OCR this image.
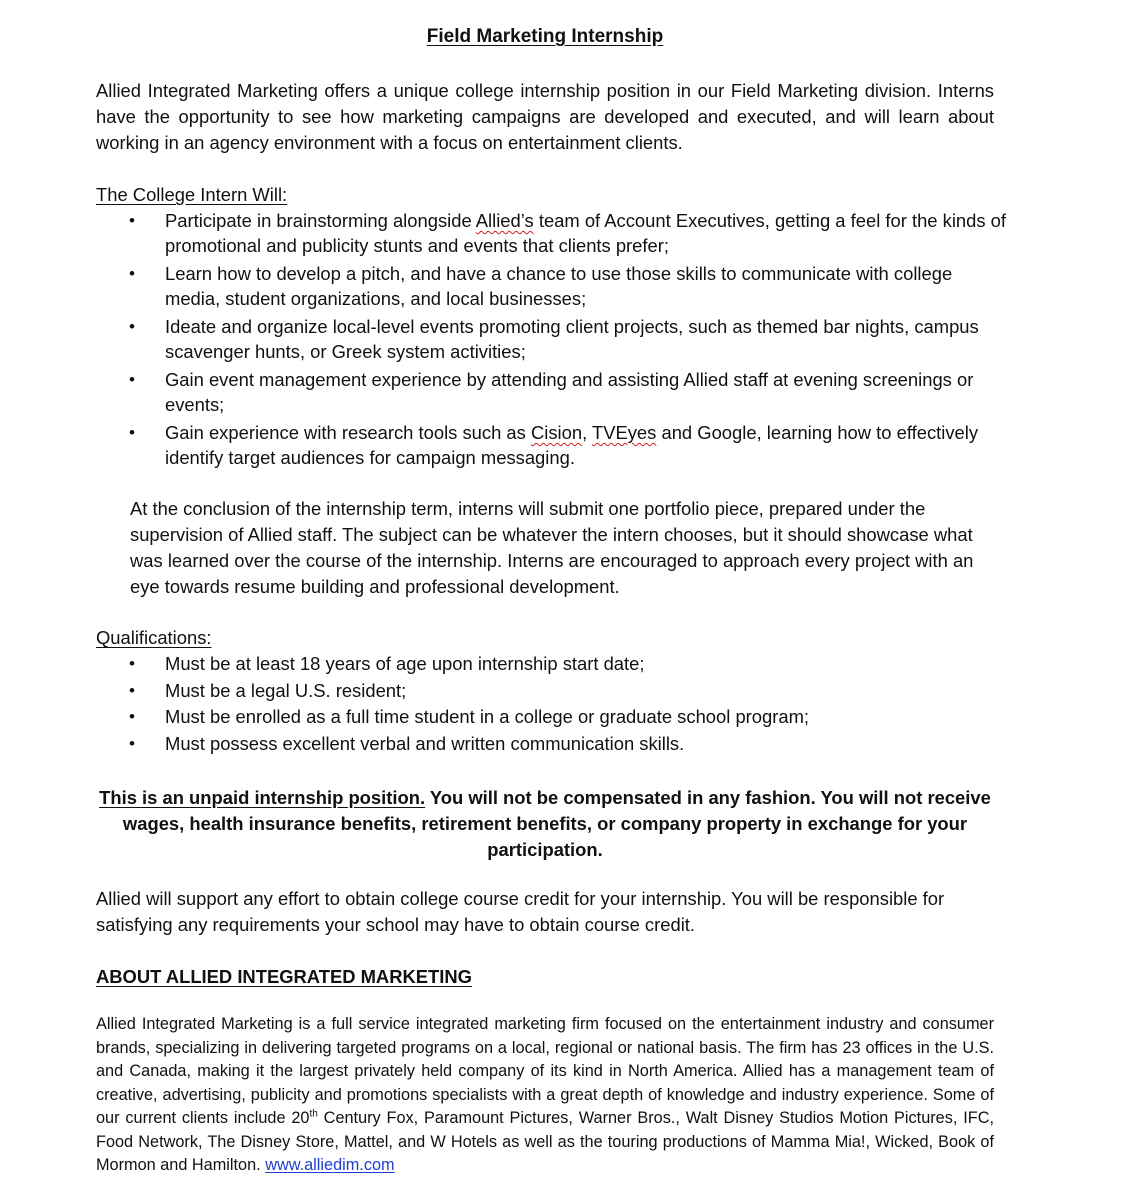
Field Marketing Internship

Allied Integrated Marketing offers a unique college internship position in our Field Marketing division. Interns have the opportunity to see how marketing campaigns are developed and executed, and will learn about working in an agency environment with a focus on entertainment clients.

The College Intern Will:

• Participate in brainstorming alongside Allied’s team of Account Executives, getting a feel for the kinds of promotional and publicity stunts and events that clients prefer;
• Learn how to develop a pitch, and have a chance to use those skills to communicate with college media, student organizations, and local businesses;
• Ideate and organize local-level events promoting client projects, such as themed bar nights, campus scavenger hunts, or Greek system activities;
• Gain event management experience by attending and assisting Allied staff at evening screenings or events;
• Gain experience with research tools such as Cision, TVEyes and Google, learning how to effectively identify target audiences for campaign messaging.

At the conclusion of the internship term, interns will submit one portfolio piece, prepared under the supervision of Allied staff. The subject can be whatever the intern chooses, but it should showcase what was learned over the course of the internship. Interns are encouraged to approach every project with an eye towards resume building and professional development.

Qualifications:

• Must be at least 18 years of age upon internship start date;
• Must be a legal U.S. resident;
• Must be enrolled as a full time student in a college or graduate school program;
• Must possess excellent verbal and written communication skills.

This is an unpaid internship position. You will not be compensated in any fashion. You will not receive wages, health insurance benefits, retirement benefits, or company property in exchange for your participation.

Allied will support any effort to obtain college course credit for your internship. You will be responsible for satisfying any requirements your school may have to obtain course credit.

ABOUT ALLIED INTEGRATED MARKETING

Allied Integrated Marketing is a full service integrated marketing firm focused on the entertainment industry and consumer brands, specializing in delivering targeted programs on a local, regional or national basis. The firm has 23 offices in the U.S. and Canada, making it the largest privately held company of its kind in North America. Allied has a management team of creative, advertising, publicity and promotions specialists with a great depth of knowledge and industry experience. Some of our current clients include 20th Century Fox, Paramount Pictures, Warner Bros., Walt Disney Studios Motion Pictures, IFC, Food Network, The Disney Store, Mattel, and W Hotels as well as the touring productions of Mamma Mia!, Wicked, Book of Mormon and Hamilton. www.alliedim.com
